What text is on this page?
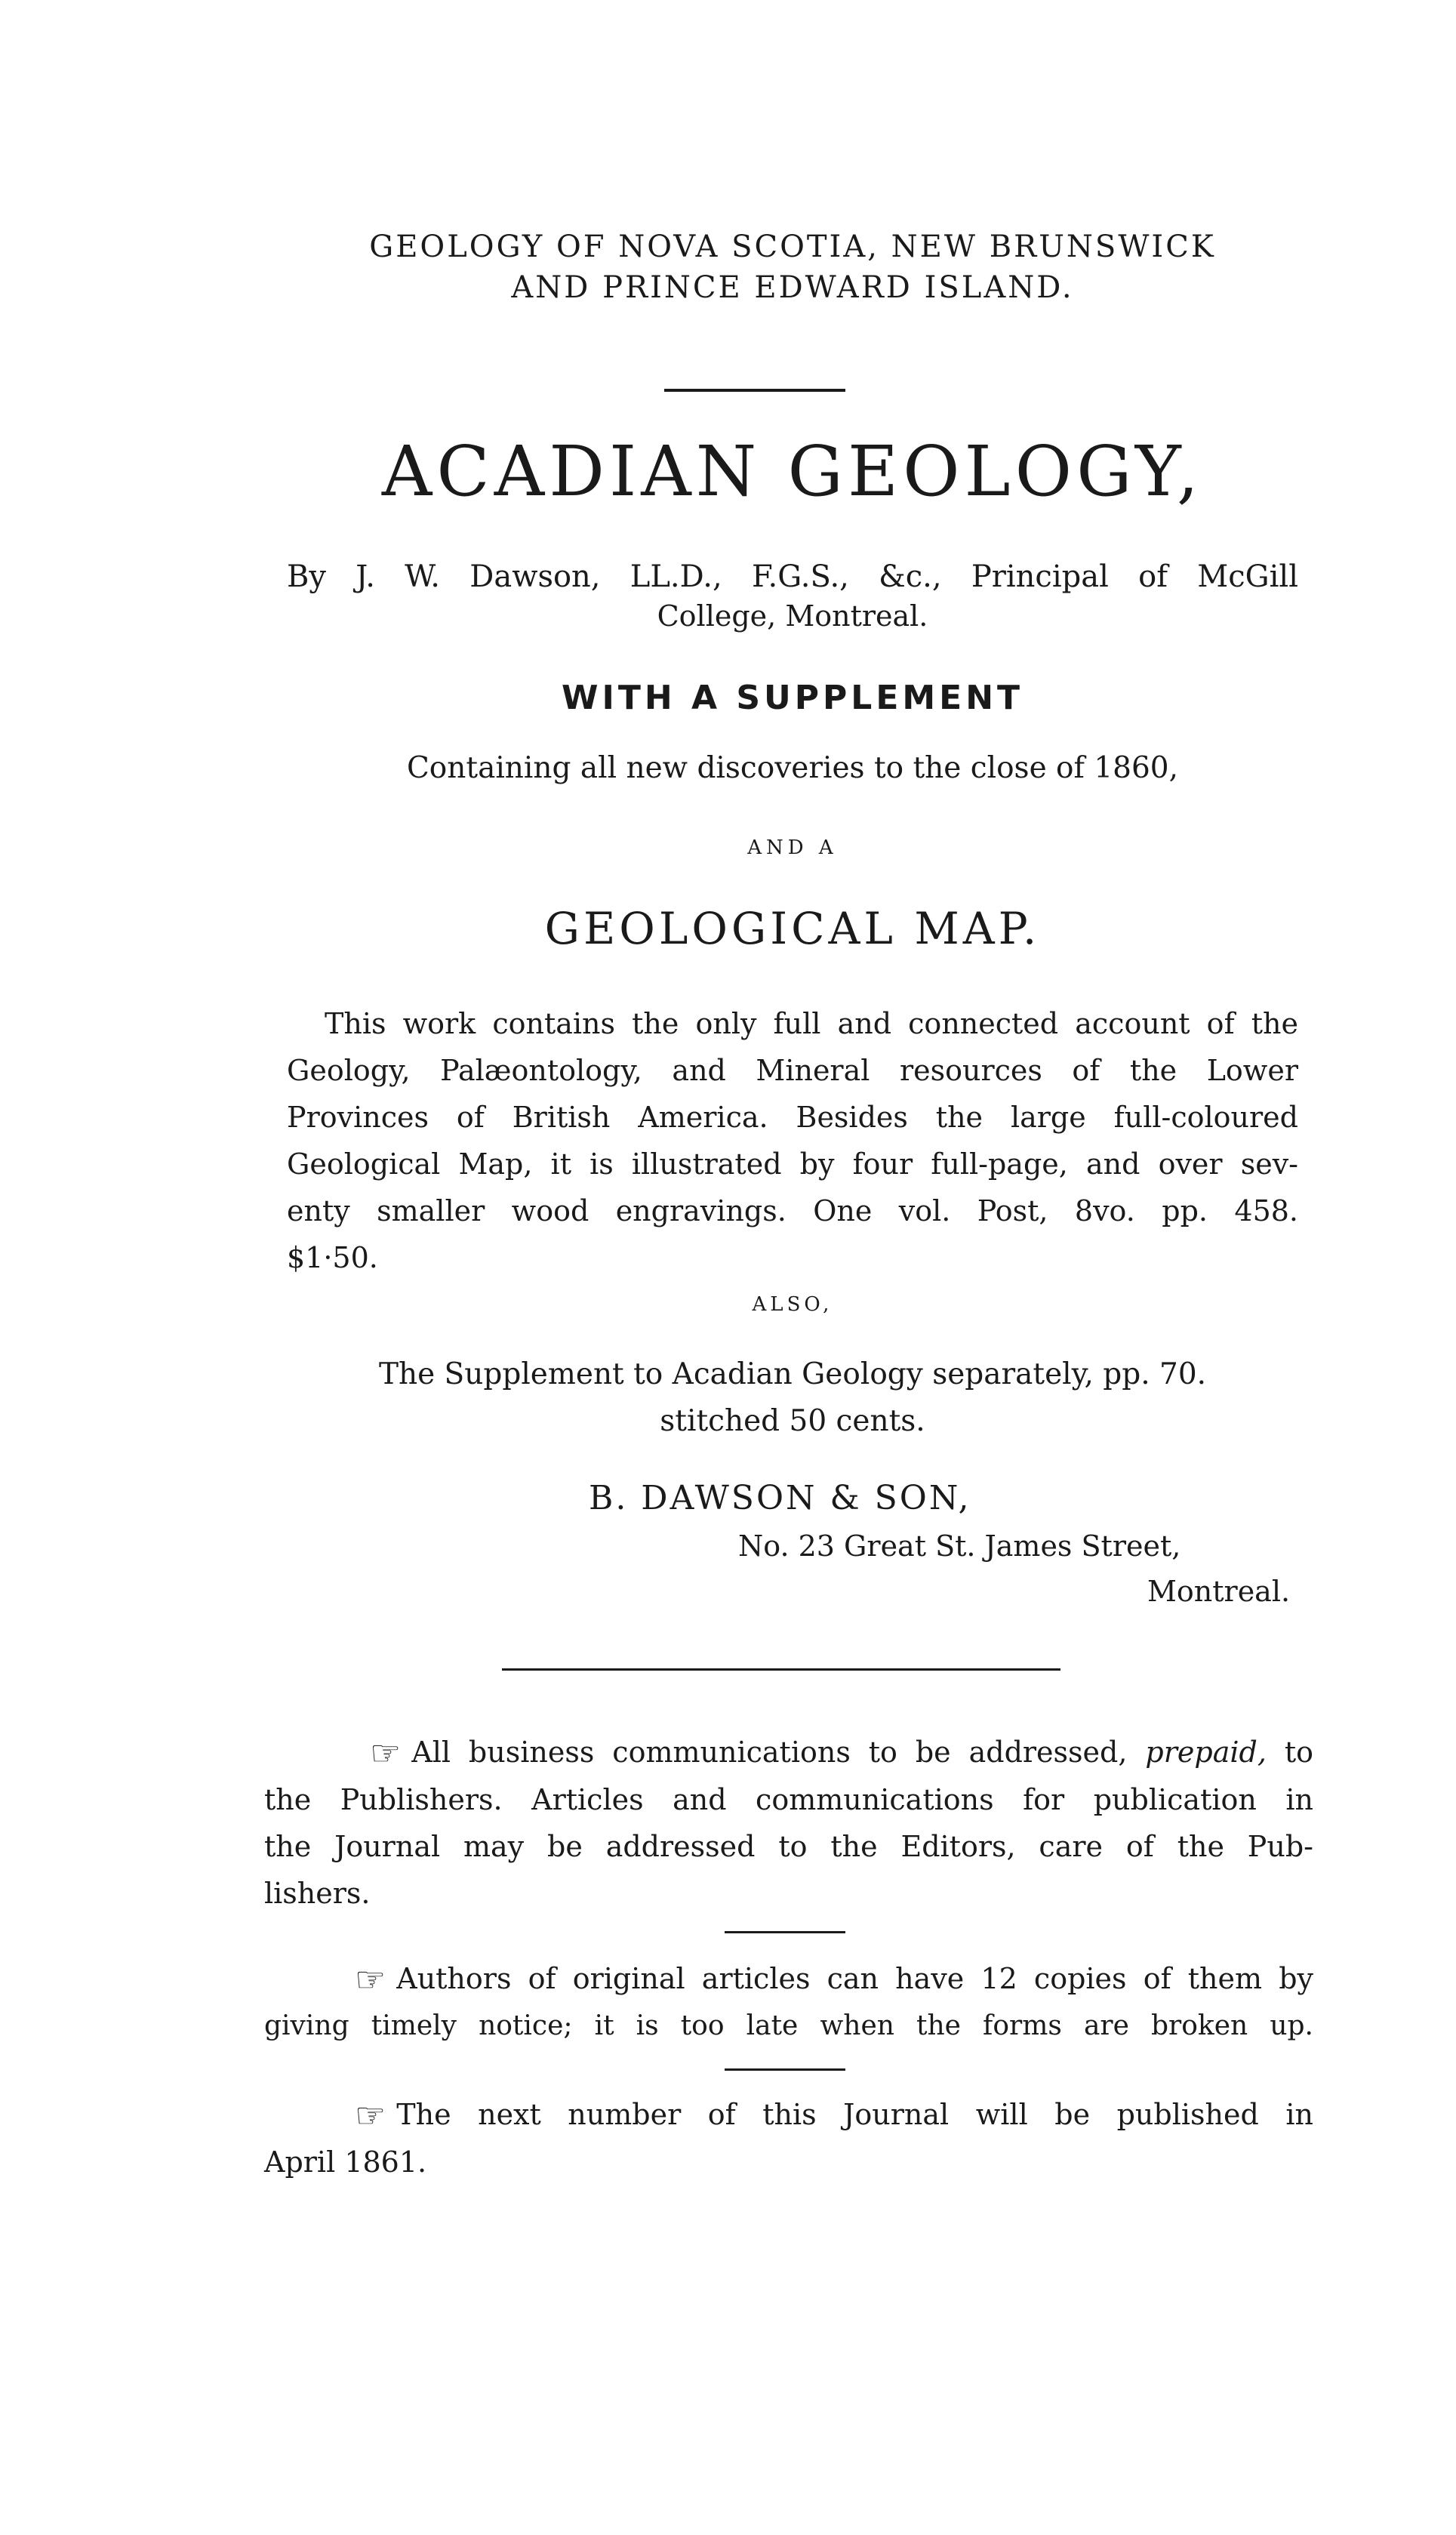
GEOLOGY OF NOVA SCOTIA, NEW BRUNSWICK
AND PRINCE EDWARD ISLAND.
ACADIAN GEOLOGY,
By J. W. Dawson, LL.D., F.G.S., &c., Principal of McGill
College, Montreal.
WITH A SUPPLEMENT
Containing all new discoveries to the close of 1860,
AND A
GEOLOGICAL MAP.
This work contains the only full and connected account of the
Geology, Palæontology, and Mineral resources of the Lower
Provinces of British America. Besides the large full-coloured
Geological Map, it is illustrated by four full-page, and over sev-
enty smaller wood engravings. One vol. Post, 8vo. pp. 458.
$1·50.
ALSO,
The Supplement to Acadian Geology separately, pp. 70.
stitched 50 cents.
B. DAWSON & SON,
No. 23 Great St. James Street,
Montreal.
☞ All business communications to be addressed, prepaid, to
the Publishers. Articles and communications for publication in
the Journal may be addressed to the Editors, care of the Pub-
lishers.
☞ Authors of original articles can have 12 copies of them by
giving timely notice; it is too late when the forms are broken up.
☞ The next number of this Journal will be published in
April 1861.
